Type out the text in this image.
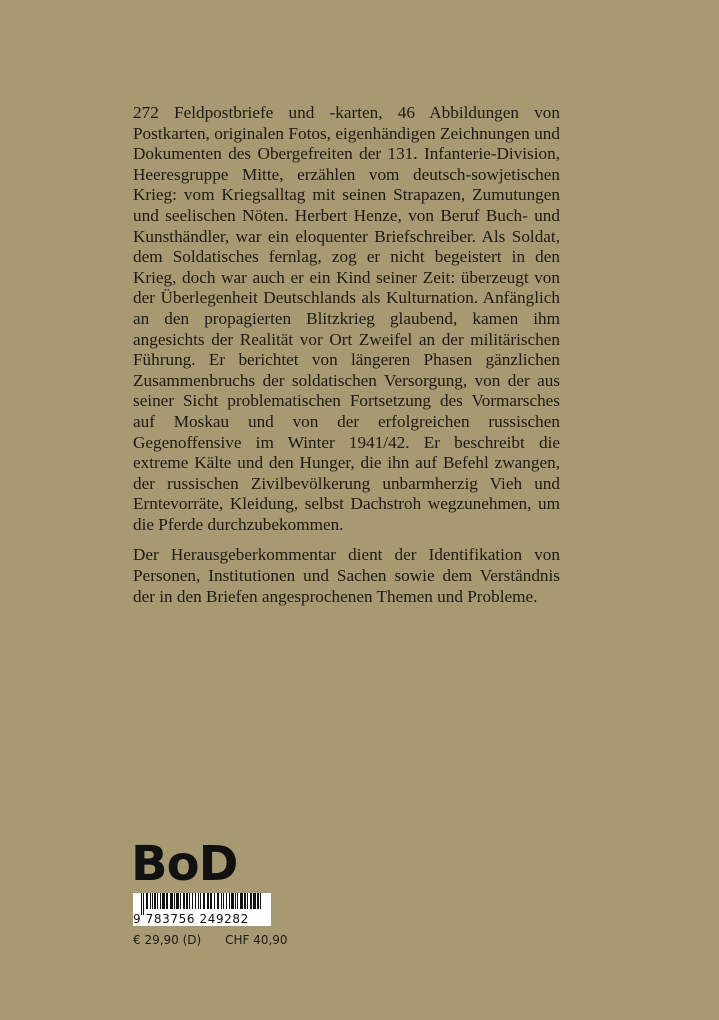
272 Feldpostbriefe und -karten, 46 Abbildungen von Postkarten, originalen Fotos, eigenhändigen Zeichnungen und Dokumenten des Obergefreiten der 131. Infanterie-Division, Heeresgruppe Mitte, erzählen vom deutsch-sowjetischen Krieg: vom Kriegsalltag mit seinen Strapazen, Zumutungen und seelischen Nöten. Herbert Henze, von Beruf Buch- und Kunsthändler, war ein eloquenter Briefschreiber. Als Soldat, dem Soldatisches fernlag, zog er nicht begeistert in den Krieg, doch war auch er ein Kind seiner Zeit: überzeugt von der Überlegenheit Deutschlands als Kulturnation. Anfänglich an den propagierten Blitzkrieg glaubend, kamen ihm angesichts der Realität vor Ort Zweifel an der militärischen Führung. Er berichtet von längeren Phasen gänzlichen Zusammenbruchs der soldatischen Versorgung, von der aus seiner Sicht problematischen Fortsetzung des Vormarsches auf Moskau und von der erfolgreichen russischen Gegenoffensive im Winter 1941/42. Er beschreibt die extreme Kälte und den Hunger, die ihn auf Befehl zwangen, der russischen Zivilbevölkerung unbarmherzig Vieh und Erntevorräte, Kleidung, selbst Dachstroh wegzunehmen, um die Pferde durchzubekommen.

Der Herausgeberkommentar dient der Identifikation von Personen, Institutionen und Sachen sowie dem Verständnis der in den Briefen angesprochenen Themen und Probleme.

BoD
9 783756 249282
€ 29,90 (D) CHF 40,90
